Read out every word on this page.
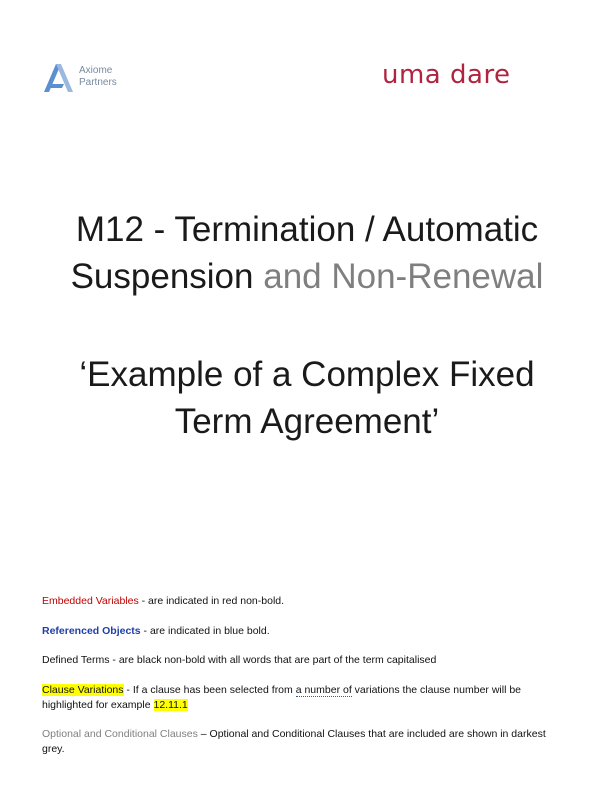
Axiome
Partners	uma dare
M12 - Termination / Automatic
Suspension and Non-Renewal
‘Example of a Complex Fixed
Term Agreement’

Embedded Variables - are indicated in red non-bold.

Referenced Objects - are indicated in blue bold.

Defined Terms - are black non-bold with all words that are part of the term capitalised

Clause Variations - If a clause has been selected from a number of variations the clause number will be highlighted for example 12.11.1

Optional and Conditional Clauses – Optional and Conditional Clauses that are included are shown in darkest grey.
